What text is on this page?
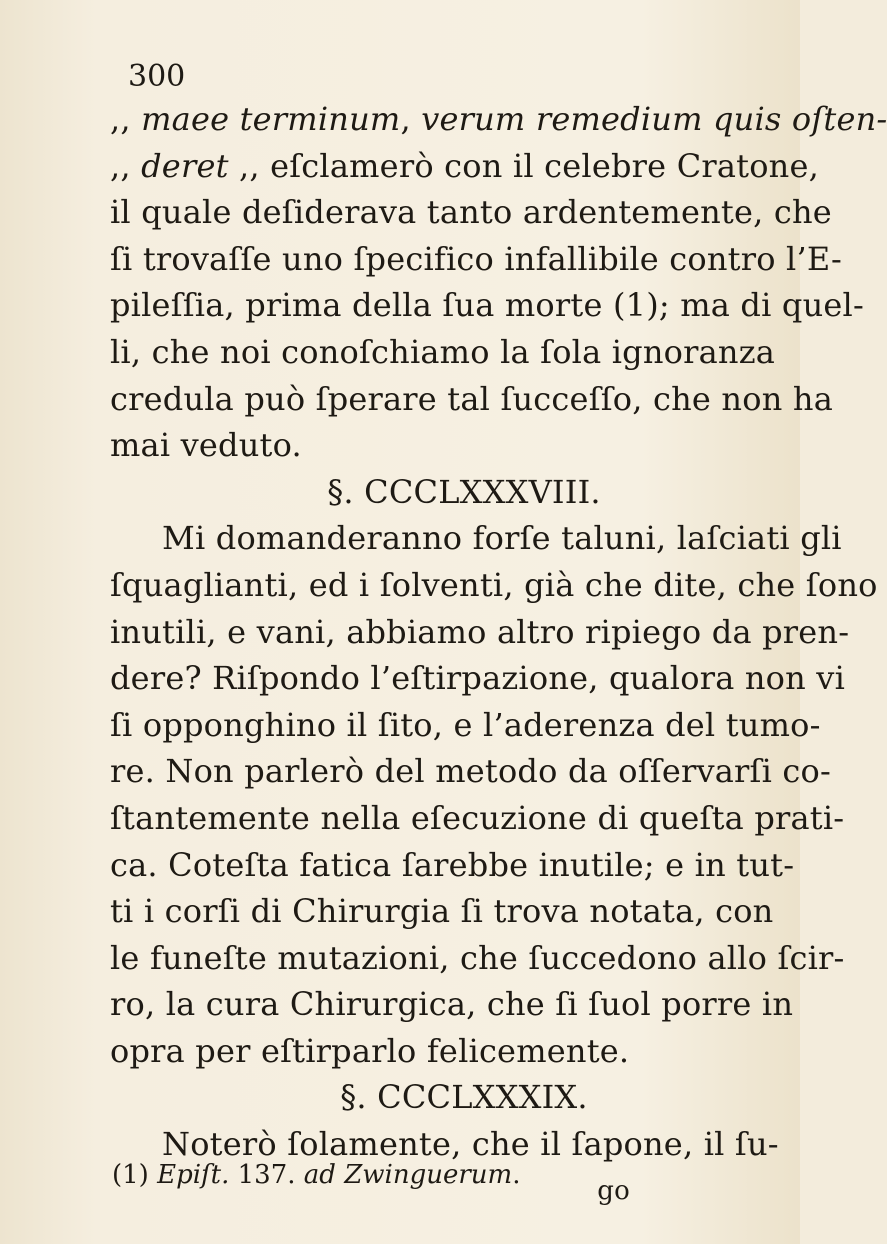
300
,, maee terminum, verum remedium quis oſten-
,, deret ,, eſclamerò con il celebre Cratone,
il quale deſiderava tanto ardentemente, che
ſi trovaſſe uno ſpecifico infallibile contro l’E-
pileſſia, prima della ſua morte (1); ma di quel-
li, che noi conoſchiamo la ſola ignoranza
credula può ſperare tal ſucceſſo, che non ha
mai veduto.
§. CCCLXXXVIII.
Mi domanderanno forſe taluni, laſciati gli
ſquaglianti, ed i ſolventi, già che dite, che ſono
inutili, e vani, abbiamo altro ripiego da pren-
dere? Riſpondo l’eſtirpazione, qualora non vi
ſi opponghino il ſito, e l’aderenza del tumo-
re. Non parlerò del metodo da oſſervarſi co-
ſtantemente nella eſecuzione di queſta prati-
ca. Coteſta fatica ſarebbe inutile; e in tut-
ti i corſi di Chirurgia ſi trova notata, con
le funeſte mutazioni, che ſuccedono allo ſcir-
ro, la cura Chirurgica, che ſi ſuol porre in
opra per eſtirparlo felicemente.
§. CCCLXXXIX.
Noterò ſolamente, che il ſapone, il ſu-
go
(1) Epiſt. 137. ad Zwinguerum.
